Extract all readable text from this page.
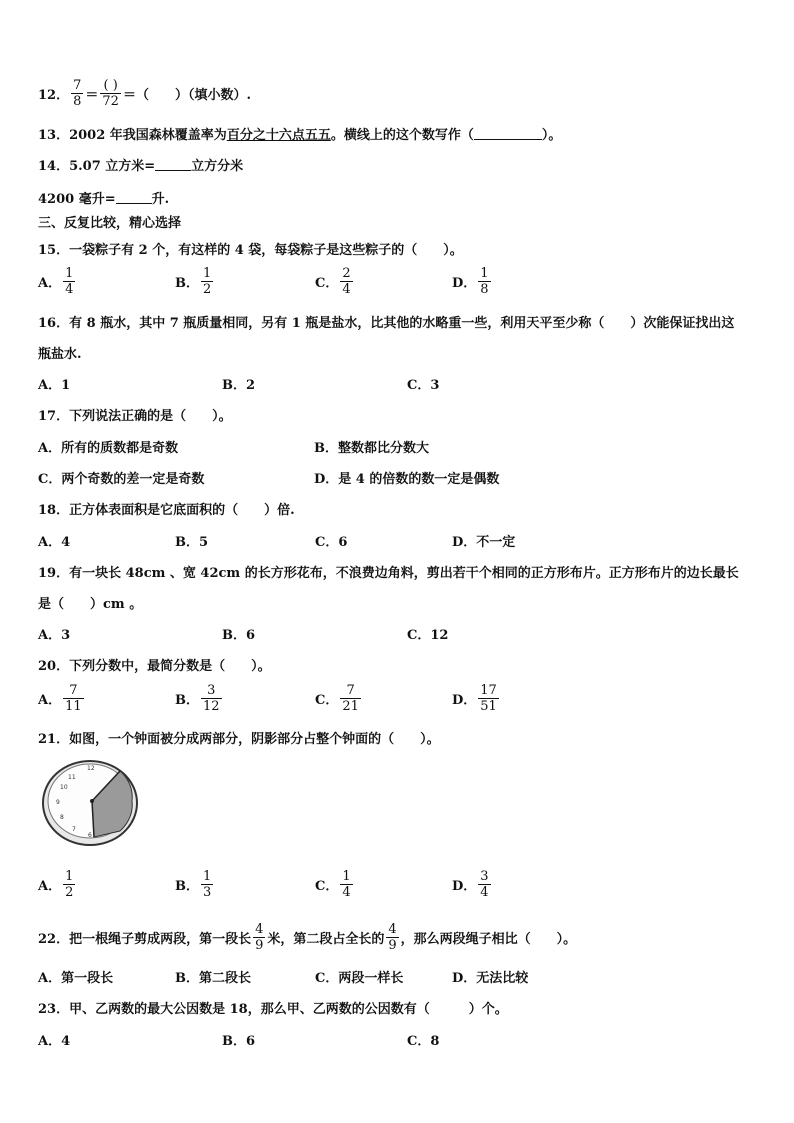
12． $\frac{7}{8} = \frac{( )}{72}$ ＝（　　）（填小数）.
13．2002 年我国森林覆盖率为 百分之十六点五五 。横线上的这个数写作（	）。
14．5.07 立方米=	立方分米
4200 毫升=	升.
三、反复比较，精心选择
15．一袋粽子有 2 个，有这样的 4 袋，每袋粽子是这些粽子的（　　）。
A． $\frac{1}{4}$	B． $\frac{1}{2}$	C． $\frac{2}{4}$	D． $\frac{1}{8}$
16．有 8 瓶水，其中 7 瓶质量相同，另有 1 瓶是盐水，比其他的水略重一些，利用天平至少称（　　）次能保证找出这
瓶盐水.
A．1	B．2	C．3
17．下列说法正确的是（　　）。
A．所有的质数都是奇数	B．整数都比分数大
C．两个奇数的差一定是奇数	D．是 4 的倍数的数一定是偶数
18．正方体表面积是它底面积的（　　）倍.
A．4	B．5	C．6	D．不一定
19．有一块长 48cm 、宽 42cm 的长方形花布，不浪费边角料，剪出若干个相同的正方形布片。正方形布片的边长最长
是（　　）cm 。
A．3	B．6	C．12
20．下列分数中，最简分数是（　　）。
A． $\frac{7}{11}$	B． $\frac{3}{12}$	C． $\frac{7}{21}$	D． $\frac{17}{51}$
21．如图，一个钟面被分成两部分，阴影部分占整个钟面的（　　）。
12
9
6
11
10
8
7
A． $\frac{1}{2}$	B． $\frac{1}{3}$	C． $\frac{1}{4}$	D． $\frac{3}{4}$
22．把一根绳子剪成两段，第一段长 $\frac{4}{9}$ 米，第二段占全长的 $\frac{4}{9}$ ，那么两段绳子相比（　　）。
A．第一段长	B．第二段长	C．两段一样长	D．无法比较
23．甲、乙两数的最大公因数是 18，那么甲、乙两数的公因数有（　　　）个。
A．4	B．6	C．8
